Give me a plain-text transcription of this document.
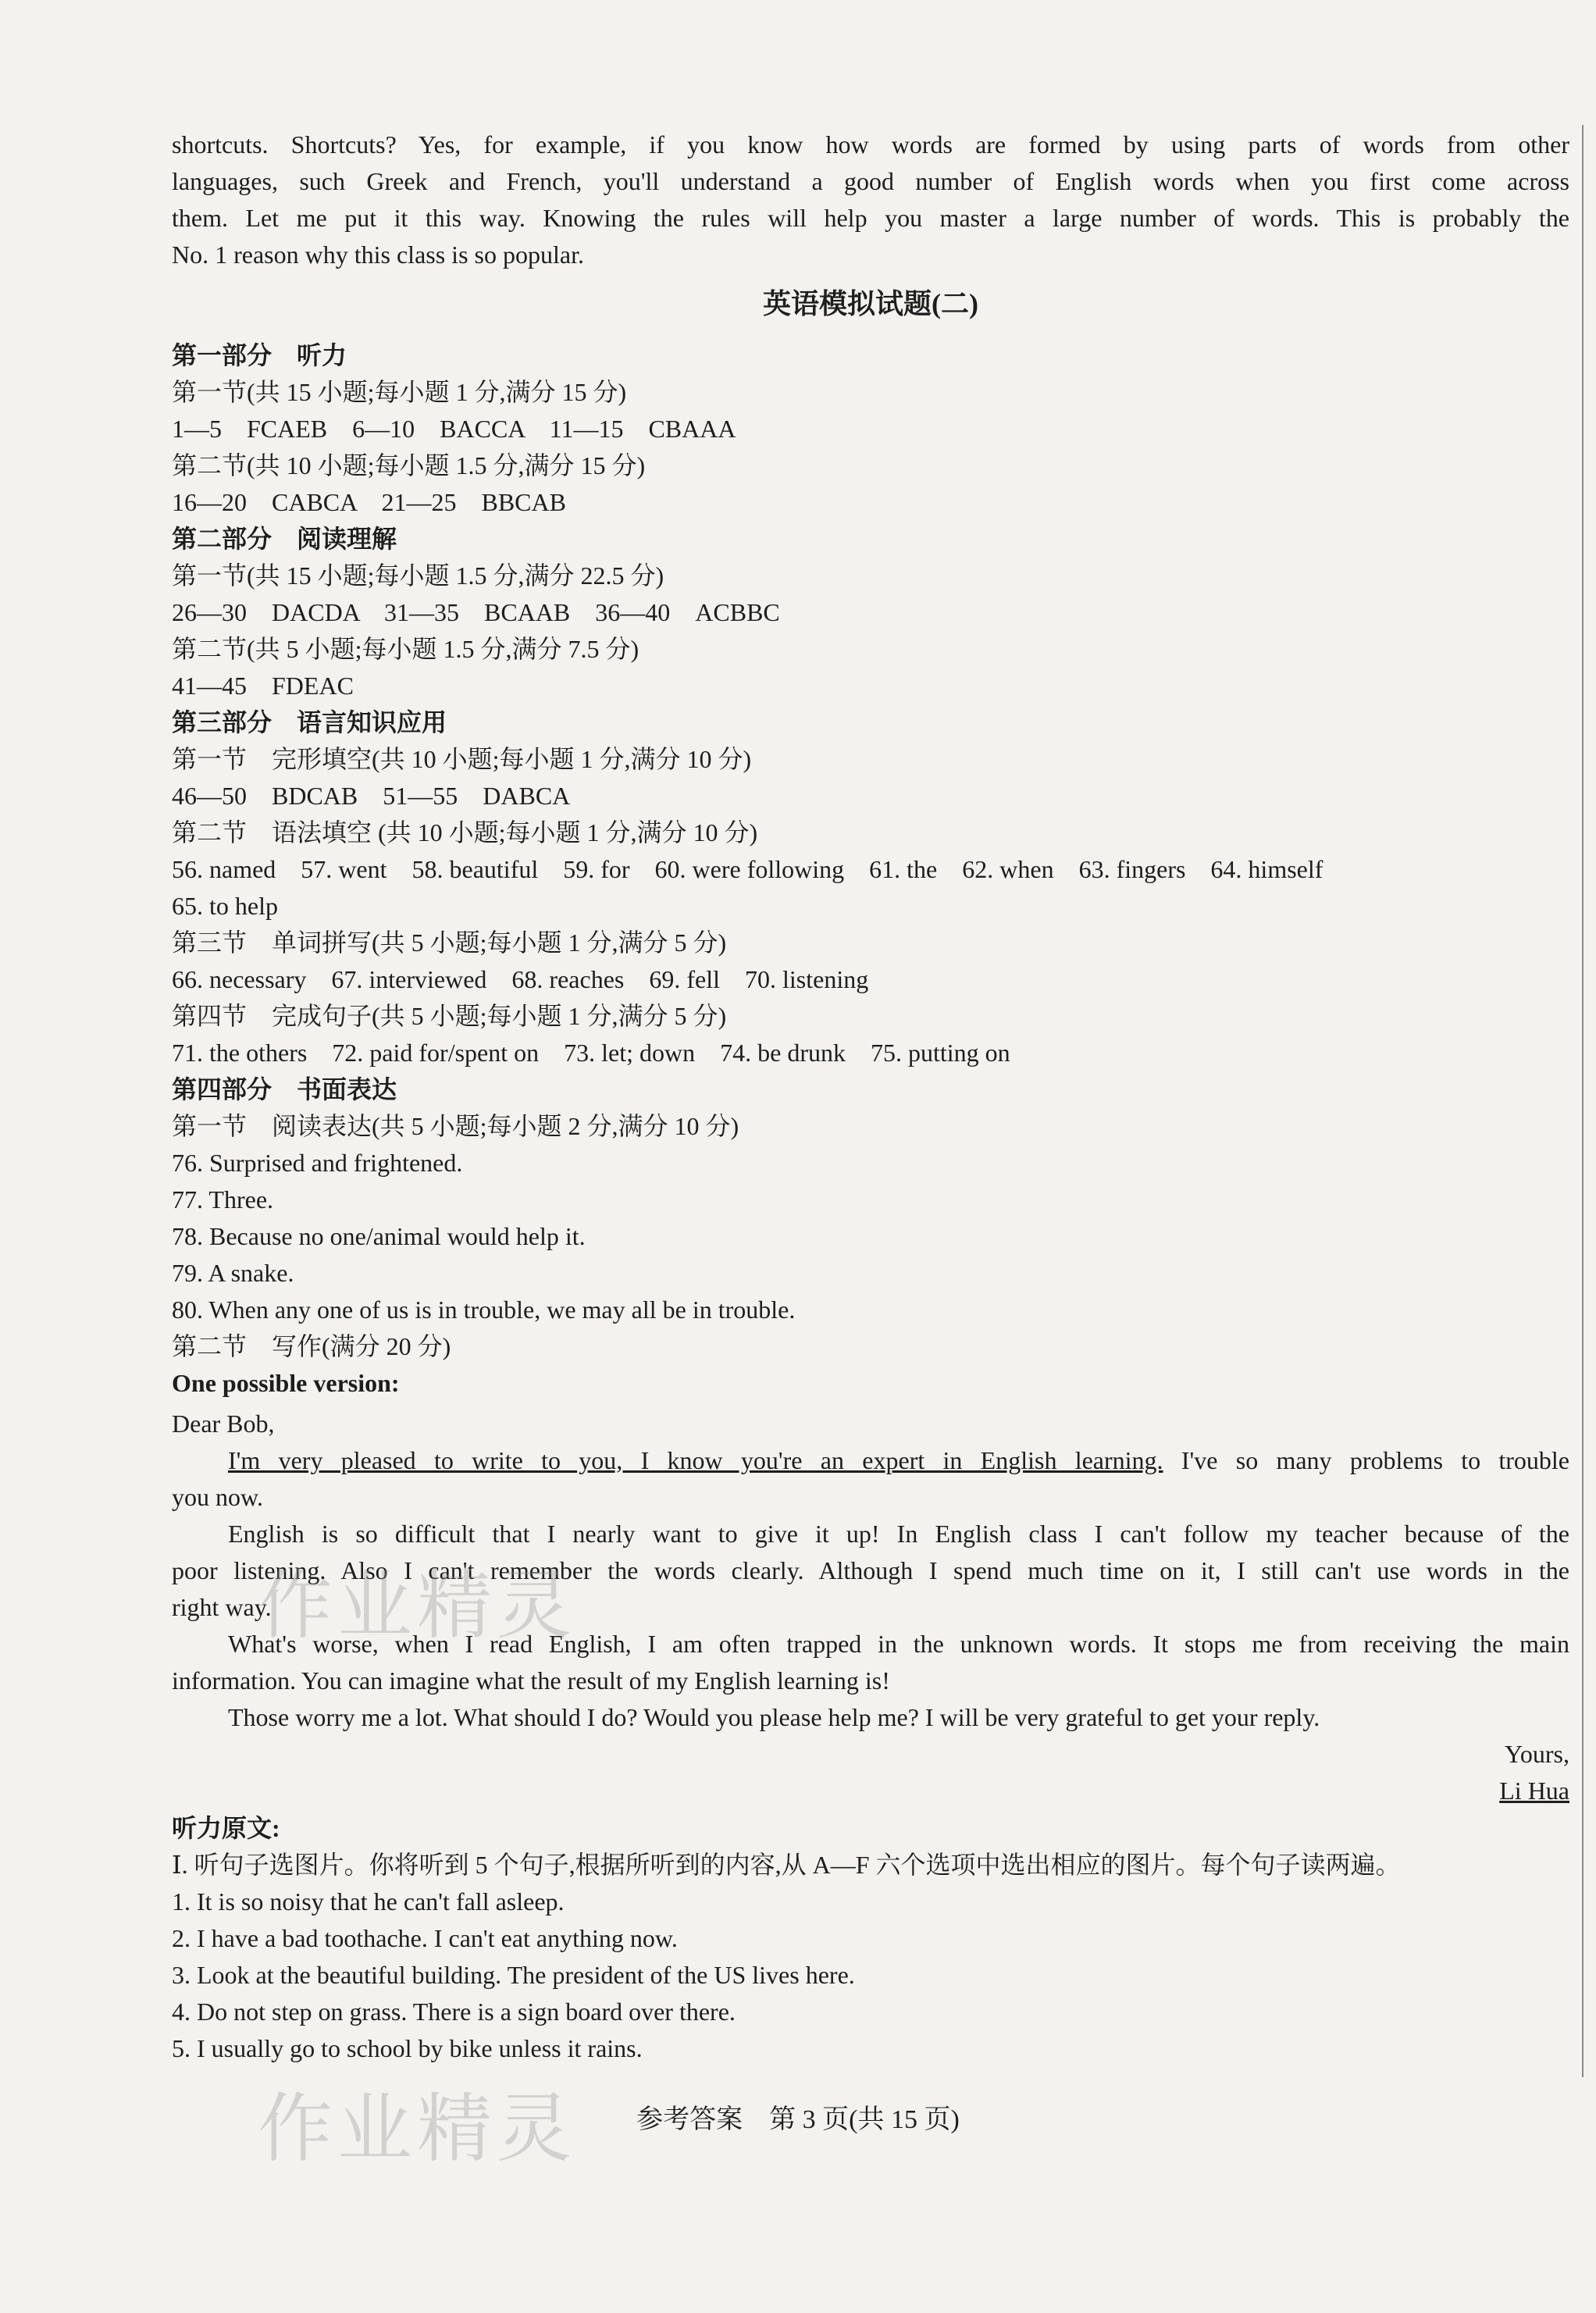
shortcuts. Shortcuts? Yes, for example, if you know how words are formed by using parts of words from other
languages, such Greek and French, you'll understand a good number of English words when you first come across
them. Let me put it this way. Knowing the rules will help you master a large number of words. This is probably the
No. 1 reason why this class is so popular.
英语模拟试题(二)
第一部分　听力
第一节(共 15 小题;每小题 1 分,满分 15 分)
1—5　FCAEB　6—10　BACCA　11—15　CBAAA
第二节(共 10 小题;每小题 1.5 分,满分 15 分)
16—20　CABCA　21—25　BBCAB
第二部分　阅读理解
第一节(共 15 小题;每小题 1.5 分,满分 22.5 分)
26—30　DACDA　31—35　BCAAB　36—40　ACBBC
第二节(共 5 小题;每小题 1.5 分,满分 7.5 分)
41—45　FDEAC
第三部分　语言知识应用
第一节　完形填空(共 10 小题;每小题 1 分,满分 10 分)
46—50　BDCAB　51—55　DABCA
第二节　语法填空 (共 10 小题;每小题 1 分,满分 10 分)
56. named　57. went　58. beautiful　59. for　60. were following　61. the　62. when　63. fingers　64. himself
65. to help
第三节　单词拼写(共 5 小题;每小题 1 分,满分 5 分)
66. necessary　67. interviewed　68. reaches　69. fell　70. listening
第四节　完成句子(共 5 小题;每小题 1 分,满分 5 分)
71. the others　72. paid for/spent on　73. let; down　74. be drunk　75. putting on
第四部分　书面表达
第一节　阅读表达(共 5 小题;每小题 2 分,满分 10 分)
76. Surprised and frightened.
77. Three.
78. Because no one/animal would help it.
79. A snake.
80. When any one of us is in trouble, we may all be in trouble.
第二节　写作(满分 20 分)
One possible version:
Dear Bob,
I'm very pleased to write to you, I know you're an expert in English learning. I've so many problems to trouble
you now.
English is so difficult that I nearly want to give it up! In English class I can't follow my teacher because of the
poor listening. Also I can't remember the words clearly. Although I spend much time on it, I still can't use words in the
right way.
What's worse, when I read English, I am often trapped in the unknown words. It stops me from receiving the main
information. You can imagine what the result of my English learning is!
Those worry me a lot. What should I do? Would you please help me? I will be very grateful to get your reply.
Yours,
Li Hua
听力原文:
Ⅰ. 听句子选图片。你将听到 5 个句子,根据所听到的内容,从 A—F 六个选项中选出相应的图片。每个句子读两遍。
1. It is so noisy that he can't fall asleep.
2. I have a bad toothache. I can't eat anything now.
3. Look at the beautiful building. The president of the US lives here.
4. Do not step on grass. There is a sign board over there.
5. I usually go to school by bike unless it rains.
参考答案　第 3 页(共 15 页)
作业精灵
作业精灵
